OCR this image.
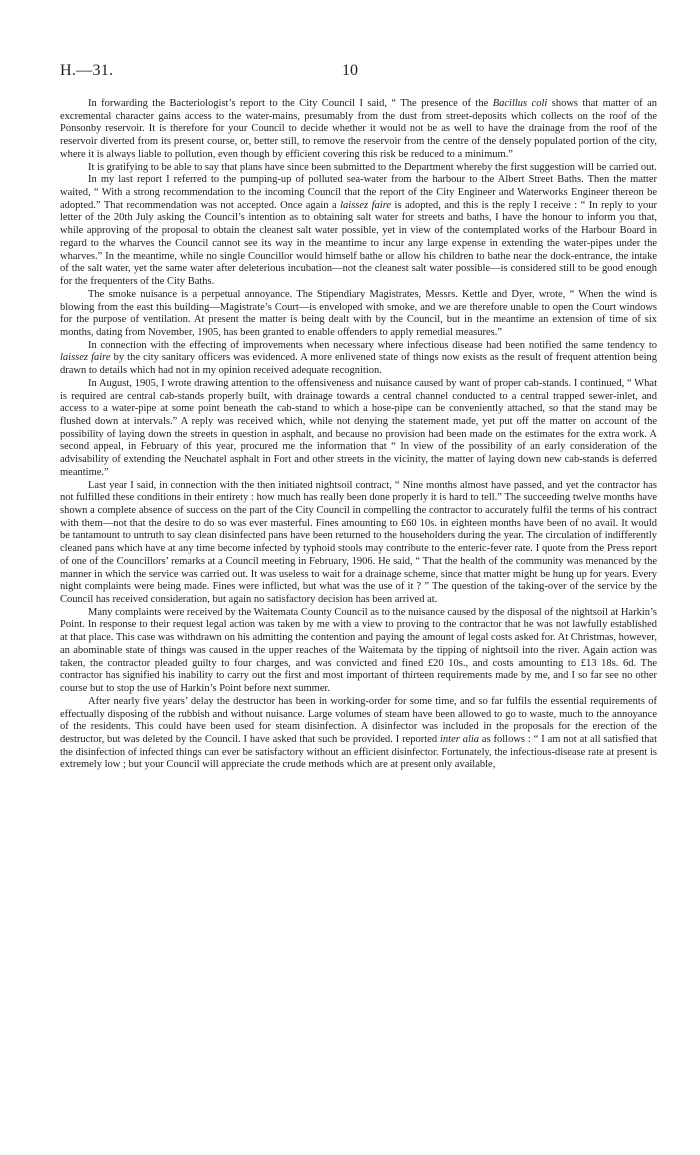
H.—31.	10

In forwarding the Bacteriologist’s report to the City Council I said, “ The presence of the Bacillus coli shows that matter of an excremental character gains access to the water-mains, presumably from the dust from street-deposits which collects on the roof of the Ponsonby reservoir. It is therefore for your Council to decide whether it would not be as well to have the drainage from the roof of the reservoir diverted from its present course, or, better still, to remove the reservoir from the centre of the densely populated portion of the city, where it is always liable to pollution, even though by efficient covering this risk be reduced to a minimum.”

It is gratifying to be able to say that plans have since been submitted to the Department whereby the first suggestion will be carried out.

In my last report I referred to the pumping-up of polluted sea-water from the harbour to the Albert Street Baths. Then the matter waited, “ With a strong recommendation to the incoming Council that the report of the City Engineer and Waterworks Engineer thereon be adopted.” That recommendation was not accepted. Once again a laissez faire is adopted, and this is the reply I receive : “ In reply to your letter of the 20th July asking the Council’s intention as to obtaining salt water for streets and baths, I have the honour to inform you that, while approving of the proposal to obtain the cleanest salt water possible, yet in view of the contemplated works of the Harbour Board in regard to the wharves the Council cannot see its way in the meantime to incur any large expense in extending the water-pipes under the wharves.” In the meantime, while no single Councillor would himself bathe or allow his children to bathe near the dock-entrance, the intake of the salt water, yet the same water after deleterious incubation—not the cleanest salt water possible—is considered still to be good enough for the frequenters of the City Baths.

The smoke nuisance is a perpetual annoyance. The Stipendiary Magistrates, Messrs. Kettle and Dyer, wrote, “ When the wind is blowing from the east this building—Magistrate’s Court—is enveloped with smoke, and we are therefore unable to open the Court windows for the purpose of ventilation. At present the matter is being dealt with by the Council, but in the meantime an extension of time of six months, dating from November, 1905, has been granted to enable offenders to apply remedial measures.”

In connection with the effecting of improvements when necessary where infectious disease had been notified the same tendency to laissez faire by the city sanitary officers was evidenced. A more enlivened state of things now exists as the result of frequent attention being drawn to details which had not in my opinion received adequate recognition.

In August, 1905, I wrote drawing attention to the offensiveness and nuisance caused by want of proper cab-stands. I continued, “ What is required are central cab-stands properly built, with drainage towards a central channel conducted to a central trapped sewer-inlet, and access to a water-pipe at some point beneath the cab-stand to which a hose-pipe can be conveniently attached, so that the stand may be flushed down at intervals.” A reply was received which, while not denying the statement made, yet put off the matter on account of the possibility of laying down the streets in question in asphalt, and because no provision had been made on the estimates for the extra work. A second appeal, in February of this year, procured me the information that “ In view of the possibility of an early consideration of the advisability of extending the Neuchatel asphalt in Fort and other streets in the vicinity, the matter of laying down new cab-stands is deferred meantime.”

Last year I said, in connection with the then initiated nightsoil contract, “ Nine months almost have passed, and yet the contractor has not fulfilled these conditions in their entirety : how much has really been done properly it is hard to tell.” The succeeding twelve months have shown a complete absence of success on the part of the City Council in compelling the contractor to accurately fulfil the terms of his contract with them—not that the desire to do so was ever masterful. Fines amounting to £60 10s. in eighteen months have been of no avail. It would be tantamount to untruth to say clean disinfected pans have been returned to the householders during the year. The circulation of indifferently cleaned pans which have at any time become infected by typhoid stools may contribute to the enteric-fever rate. I quote from the Press report of one of the Councillors’ remarks at a Council meeting in February, 1906. He said, “ That the health of the community was menanced by the manner in which the service was carried out. It was useless to wait for a drainage scheme, since that matter might be hung up for years. Every night complaints were being made. Fines were inflicted, but what was the use of it ? ” The question of the taking-over of the service by the Council has received consideration, but again no satisfactory decision has been arrived at.

Many complaints were received by the Waitemata County Council as to the nuisance caused by the disposal of the nightsoil at Harkin’s Point. In response to their request legal action was taken by me with a view to proving to the contractor that he was not lawfully established at that place. This case was withdrawn on his admitting the contention and paying the amount of legal costs asked for. At Christmas, however, an abominable state of things was caused in the upper reaches of the Waitemata by the tipping of nightsoil into the river. Again action was taken, the contractor pleaded guilty to four charges, and was convicted and fined £20 10s., and costs amounting to £13 18s. 6d. The contractor has signified his inability to carry out the first and most important of thirteen requirements made by me, and I so far see no other course but to stop the use of Harkin’s Point before next summer.

After nearly five years’ delay the destructor has been in working-order for some time, and so far fulfils the essential requirements of effectually disposing of the rubbish and without nuisance. Large volumes of steam have been allowed to go to waste, much to the annoyance of the residents. This could have been used for steam disinfection. A disinfector was included in the proposals for the erection of the destructor, but was deleted by the Council. I have asked that such be provided. I reported inter alia as follows : “ I am not at all satisfied that the disinfection of infected things can ever be satisfactory without an efficient disinfector. Fortunately, the infectious-disease rate at present is extremely low ; but your Council will appreciate the crude methods which are at present only available,
